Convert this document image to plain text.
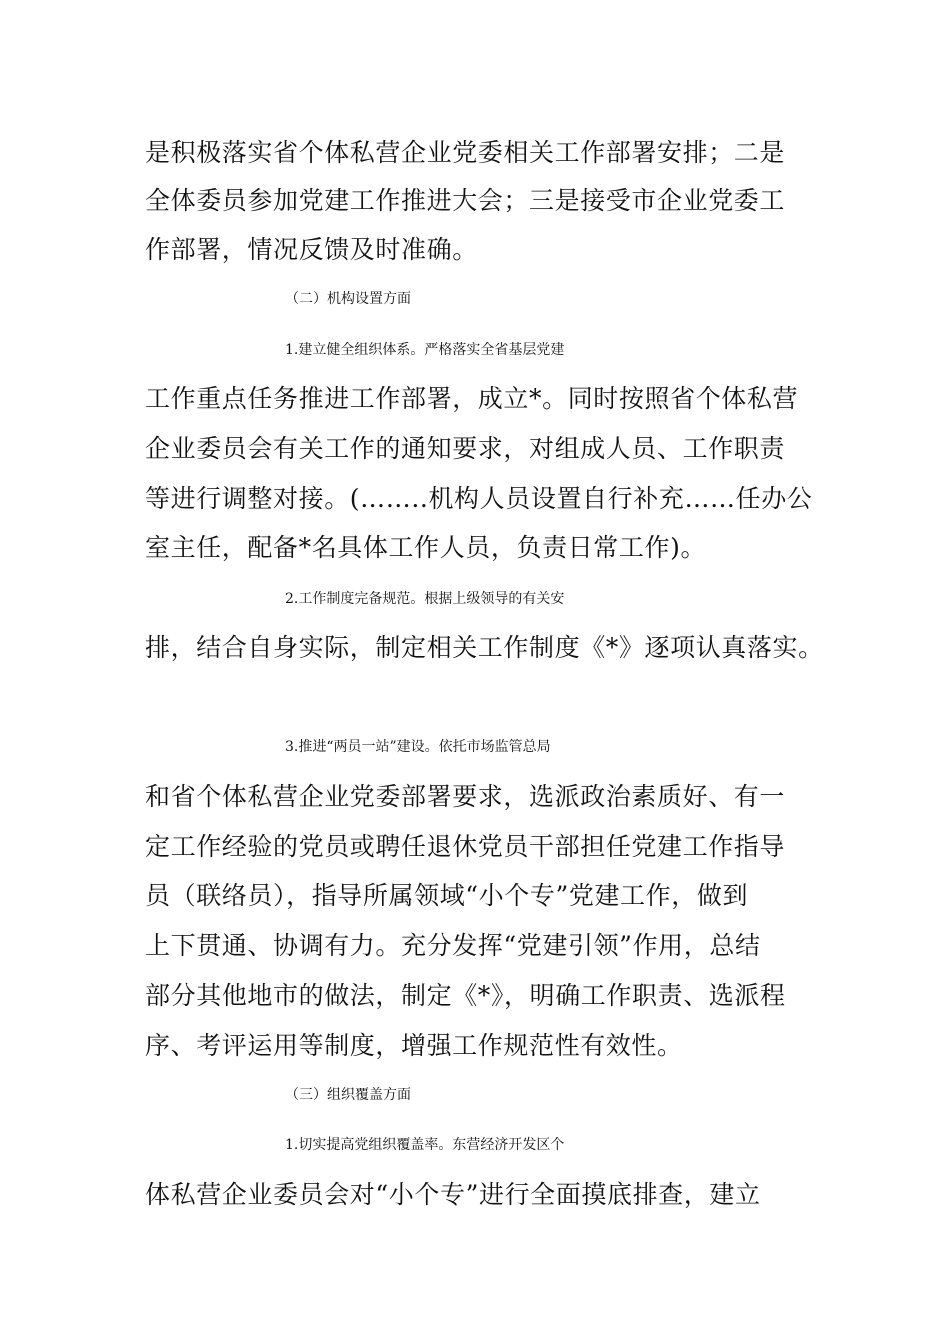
是积极落实省个体私营企业党委相关工作部署安排；二是
全体委员参加党建工作推进大会；三是接受市企业党委工
作部署，情况反馈及时准确。
（二）机构设置方面
1.建立健全组织体系。严格落实全省基层党建
工作重点任务推进工作部署，成立*。同时按照省个体私营
企业委员会有关工作的通知要求，对组成人员、工作职责
等进行调整对接。(……..机构人员设置自行补充……任办公
室主任，配备*名具体工作人员，负责日常工作)。
2.工作制度完备规范。根据上级领导的有关安
排，结合自身实际，制定相关工作制度《*》逐项认真落实。
3.推进“两员一站”建设。依托市场监管总局
和省个体私营企业党委部署要求，选派政治素质好、有一
定工作经验的党员或聘任退休党员干部担任党建工作指导
员（联络员），指导所属领域“小个专”党建工作，做到
上下贯通、协调有力。充分发挥“党建引领”作用，总结
部分其他地市的做法，制定《*》，明确工作职责、选派程
序、考评运用等制度，增强工作规范性有效性。
（三）组织覆盖方面
1.切实提高党组织覆盖率。东营经济开发区个
体私营企业委员会对“小个专”进行全面摸底排查，建立
